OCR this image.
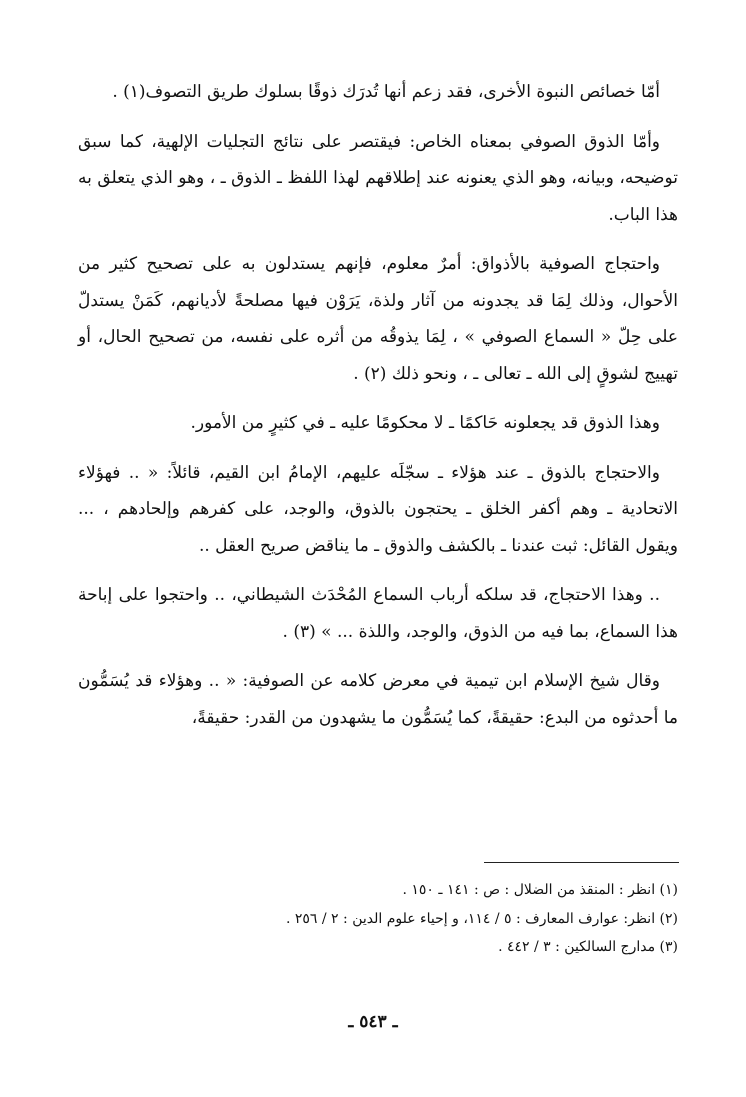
أمّا خصائص النبوة الأخرى، فقد زعم أنها تُدرَك ذوقًا بسلوك طريق التصوف(١) .

وأمّا الذوق الصوفي بمعناه الخاص: فيقتصر على نتائج التجليات الإلهية، كما سبق توضيحه، وبيانه، وهو الذي يعنونه عند إطلاقهم لهذا اللفظ ـ الذوق ـ ، وهو الذي يتعلق به هذا الباب.

واحتجاج الصوفية بالأذواق: أمرٌ معلوم، فإنهم يستدلون به على تصحيح كثير من الأحوال، وذلك لِمَا قد يجدونه من آثار ولذة، يَرَوْن فيها مصلحةً لأديانهم، كَمَنْ يستدلّ على حِلّ « السماع الصوفي » ، لِمَا يذوقُه من أثره على نفسه، من تصحيح الحال، أو تهييج لشوقٍ إلى الله ـ تعالى ـ ، ونحو ذلك (٢) .

وهذا الذوق قد يجعلونه حَاكمًا ـ لا محكومًا عليه ـ في كثيرٍ من الأمور.

والاحتجاج بالذوق ـ عند هؤلاء ـ سجّلَه عليهم، الإمامُ ابن القيم، قائلاً: « .. فهؤلاء الاتحادية ـ وهم أكفر الخلق ـ يحتجون بالذوق، والوجد، على كفرهم وإلحادهم ، ... ويقول القائل: ثبت عندنا ـ بالكشف والذوق ـ ما يناقض صريح العقل ..

.. وهذا الاحتجاج، قد سلكه أرباب السماع المُحْدَث الشيطاني، .. واحتجوا على إباحة هذا السماع، بما فيه من الذوق، والوجد، واللذة ... » (٣) .

وقال شيخ الإسلام ابن تيمية في معرض كلامه عن الصوفية: « .. وهؤلاء قد يُسَمُّون ما أحدثوه من البدع: حقيقةً، كما يُسَمُّون ما يشهدون من القدر: حقيقةً،

(١) انظر : المنقذ من الضلال : ص : ١٤١ ـ ١٥٠ .

(٢) انظر: عوارف المعارف : ٥ / ١١٤، و إحياء علوم الدين : ٢ / ٢٥٦ .

(٣) مدارج السالكين : ٣ / ٤٤٢ .

ـ ٥٤٣ ـ
